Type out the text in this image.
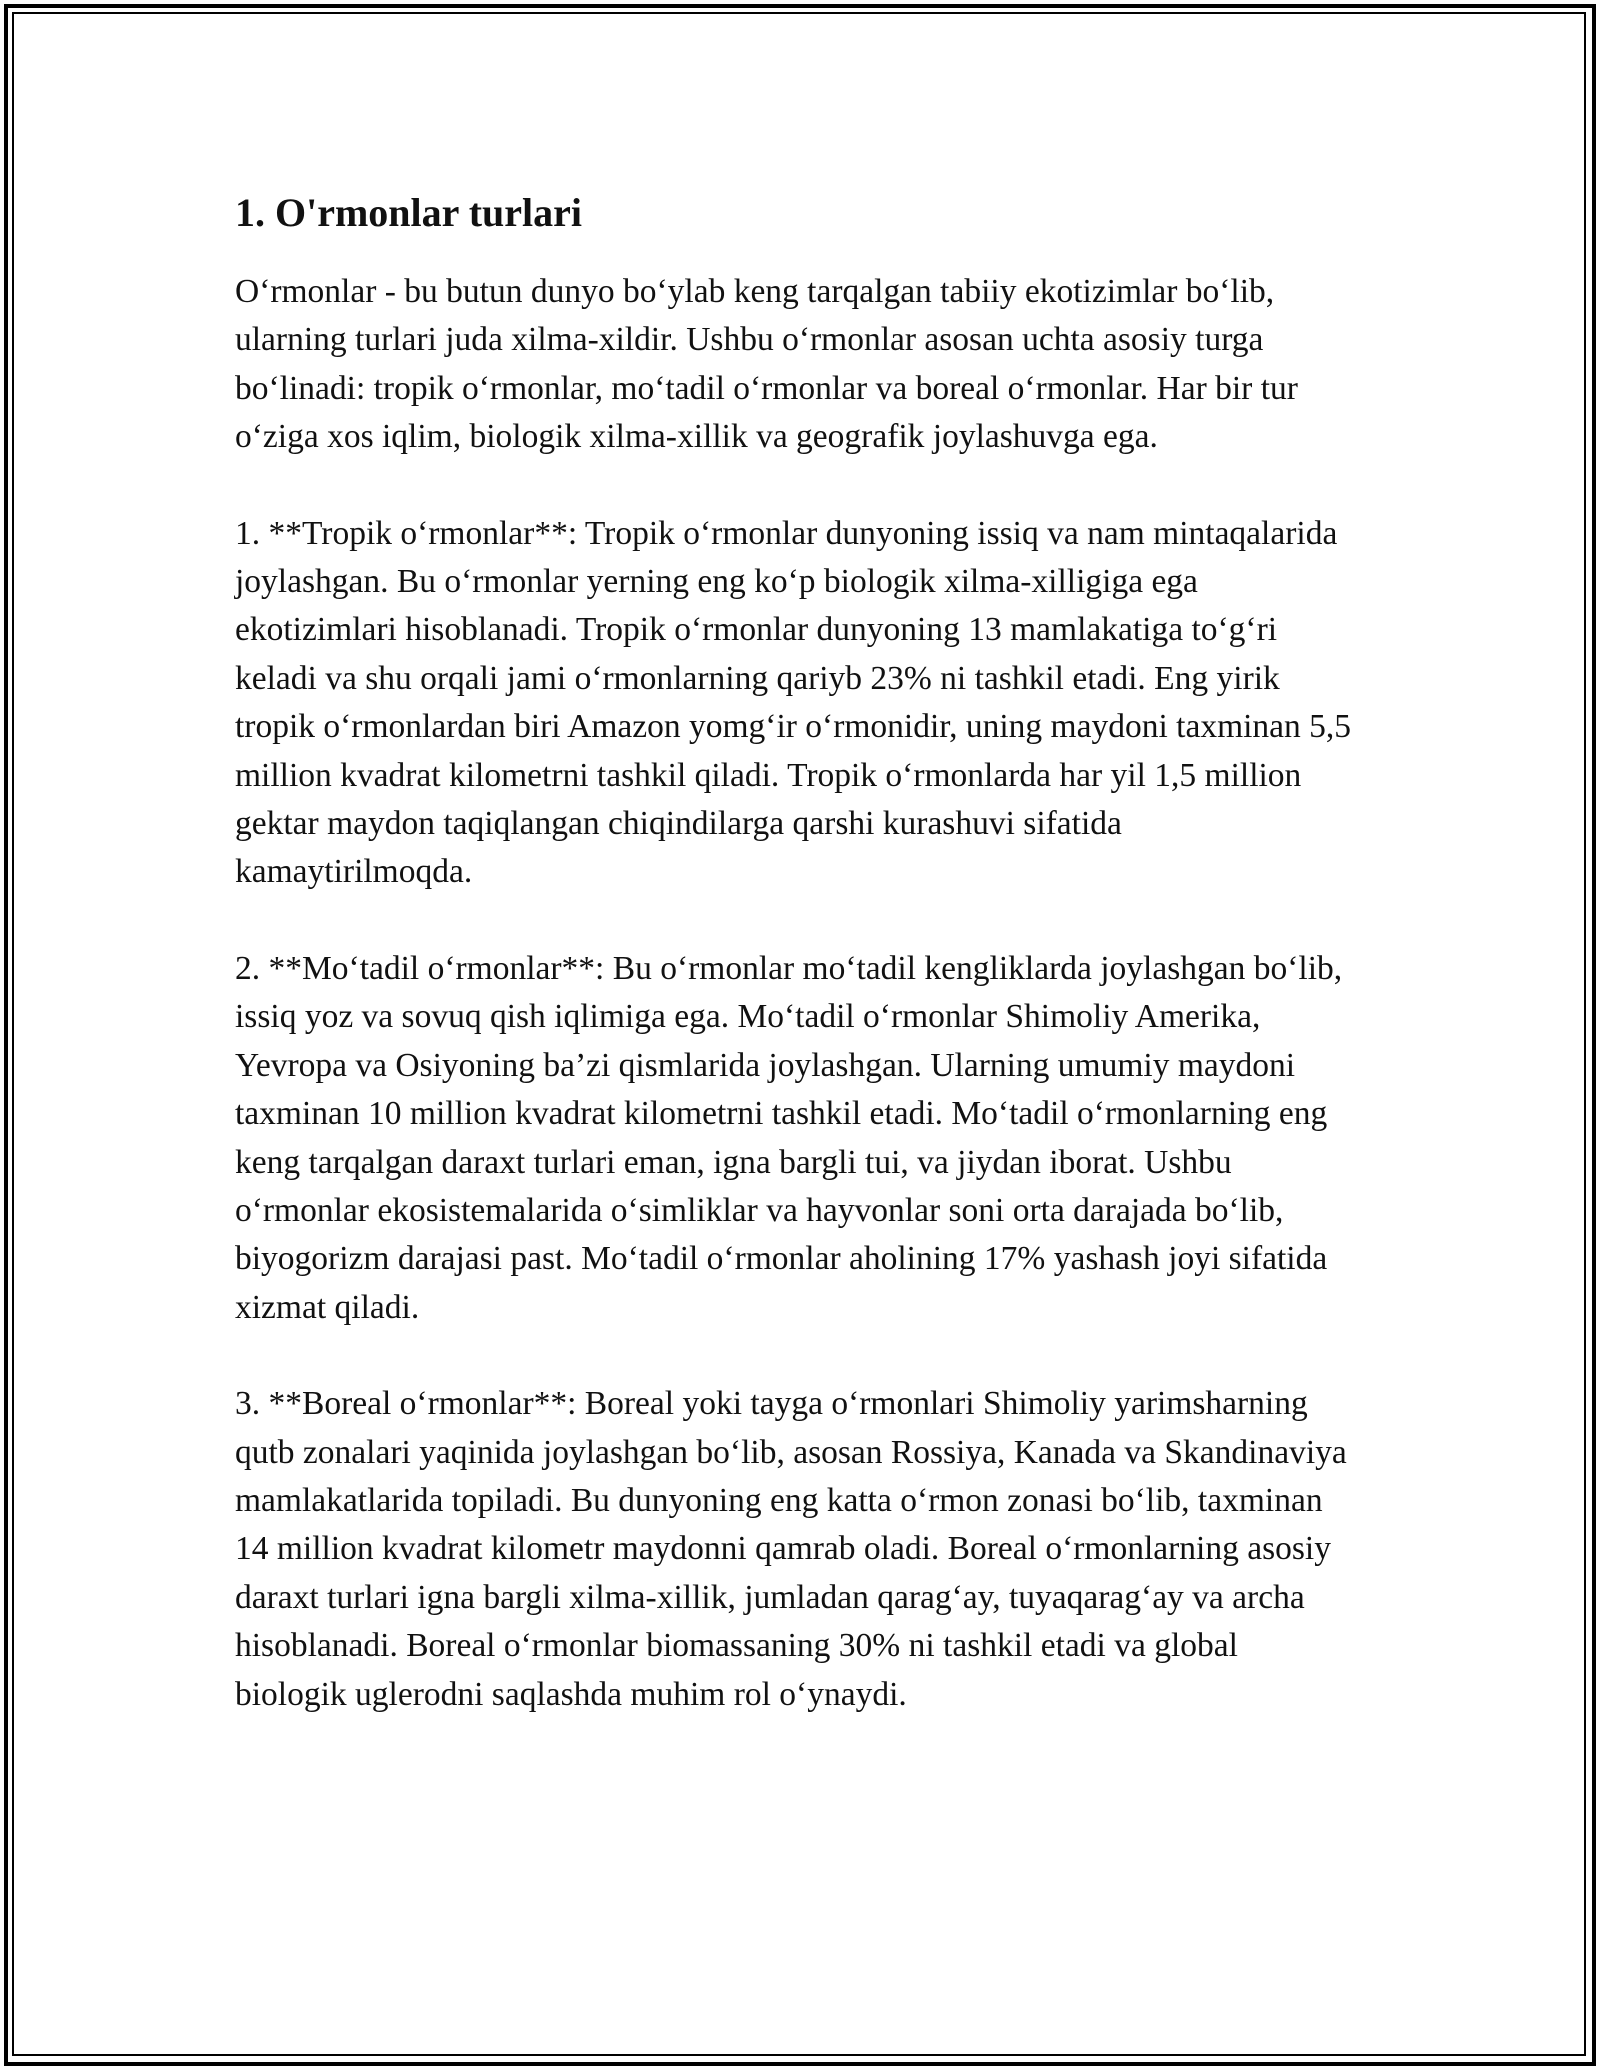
1. O'rmonlar turlari

O‘rmonlar - bu butun dunyo bo‘ylab keng tarqalgan tabiiy ekotizimlar bo‘lib, ularning turlari juda xilma-xildir. Ushbu o‘rmonlar asosan uchta asosiy turga bo‘linadi: tropik o‘rmonlar, mo‘tadil o‘rmonlar va boreal o‘rmonlar. Har bir tur o‘ziga xos iqlim, biologik xilma-xillik va geografik joylashuvga ega.

1. **Tropik o‘rmonlar**: Tropik o‘rmonlar dunyoning issiq va nam mintaqalarida joylashgan. Bu o‘rmonlar yerning eng ko‘p biologik xilma-xilligiga ega ekotizimlari hisoblanadi. Tropik o‘rmonlar dunyoning 13 mamlakatiga to‘g‘ri keladi va shu orqali jami o‘rmonlarning qariyb 23% ni tashkil etadi. Eng yirik tropik o‘rmonlardan biri Amazon yomg‘ir o‘rmonidir, uning maydoni taxminan 5,5 million kvadrat kilometrni tashkil qiladi. Tropik o‘rmonlarda har yil 1,5 million gektar maydon taqiqlangan chiqindilarga qarshi kurashuvi sifatida kamaytirilmoqda.

2. **Mo‘tadil o‘rmonlar**: Bu o‘rmonlar mo‘tadil kengliklarda joylashgan bo‘lib, issiq yoz va sovuq qish iqlimiga ega. Mo‘tadil o‘rmonlar Shimoliy Amerika, Yevropa va Osiyoning ba’zi qismlarida joylashgan. Ularning umumiy maydoni taxminan 10 million kvadrat kilometrni tashkil etadi. Mo‘tadil o‘rmonlarning eng keng tarqalgan daraxt turlari eman, igna bargli tui, va jiydan iborat. Ushbu o‘rmonlar ekosistemalarida o‘simliklar va hayvonlar soni orta darajada bo‘lib, biyogorizm darajasi past. Mo‘tadil o‘rmonlar aholining 17% yashash joyi sifatida xizmat qiladi.

3. **Boreal o‘rmonlar**: Boreal yoki tayga o‘rmonlari Shimoliy yarimsharning qutb zonalari yaqinida joylashgan bo‘lib, asosan Rossiya, Kanada va Skandinaviya mamlakatlarida topiladi. Bu dunyoning eng katta o‘rmon zonasi bo‘lib, taxminan 14 million kvadrat kilometr maydonni qamrab oladi. Boreal o‘rmonlarning asosiy daraxt turlari igna bargli xilma-xillik, jumladan qarag‘ay, tuyaqarag‘ay va archa hisoblanadi. Boreal o‘rmonlar biomassaning 30% ni tashkil etadi va global biologik uglerodni saqlashda muhim rol o‘ynaydi.
